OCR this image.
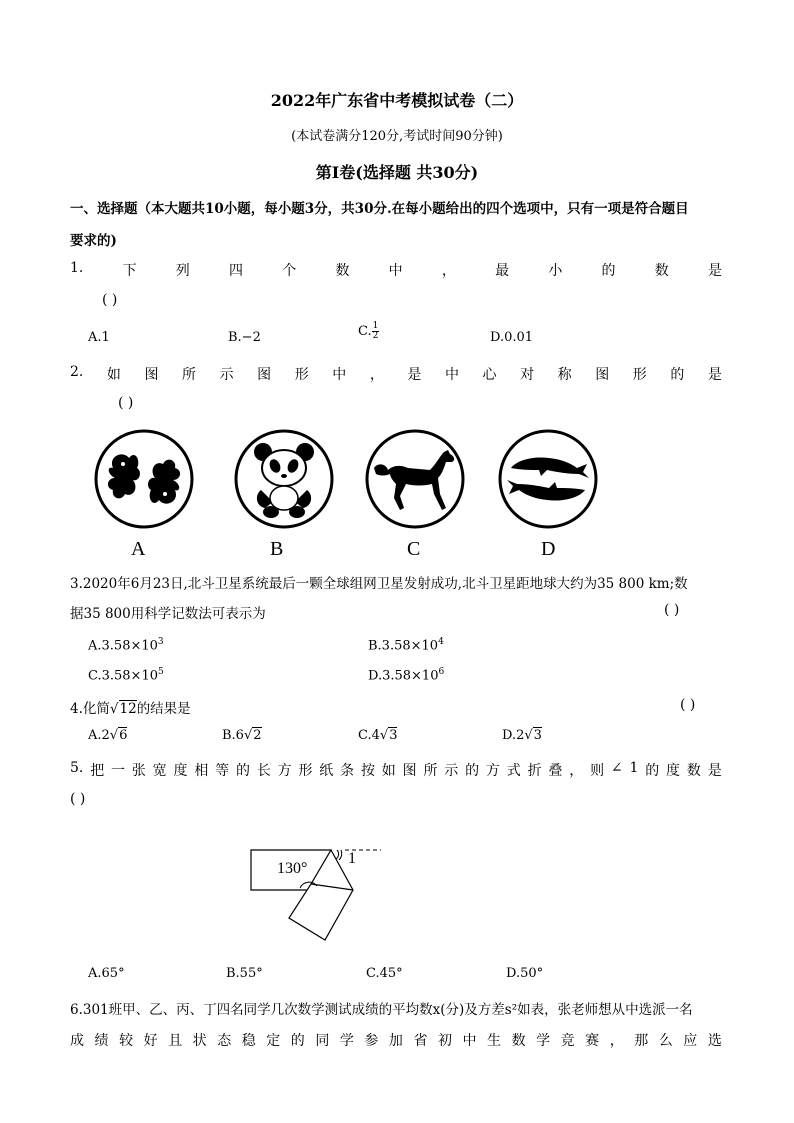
2022年广东省中考模拟试卷（二）
(本试卷满分120分,考试时间90分钟)
第Ⅰ卷(选择题 共30分)
一、选择题（本大题共10小题，每小题3分，共30分.在每小题给出的四个选项中，只有一项是符合题目
要求的)
1.	下	列	四	个	数	中	，	最	小	的	数	是
( )
A.1	B.−2	C. $\frac{1}{2}$	D.0.01
2. 如 图 所 示 图 形 中 ， 是 中 心 对 称 图 形 的 是
( )
A	B	C	D
3.2020年6月23日,北斗卫星系统最后一颗全球组网卫星发射成功,北斗卫星距地球大约为35 800 km;数
据35 800用科学记数法可表示为	( )
$A.3.58\times 10^3$	$B.3.58\times 10^4$
$C.3.58\times 10^5$	$D.3.58\times 10^6$
4.化简√12的结果是	( )
A.2√6	B.6√2	C.4√3	D.2√3
5. 把 一 张 宽 度 相 等 的 长 方 形 纸 条 按 如 图 所 示 的 方 式 折 叠 ， 则 ∠ 1 的 度 数 是
( )
130°
1
A.65°	B.55°	C.45°	D.50°
6.301班甲、乙、丙、丁四名同学几次数学测试成绩的平均数x(分)及方差s²如表，张老师想从中选派一名
成 绩 较 好 且 状 态 稳 定 的 同 学 参 加 省 初 中 生 数 学 竞 赛 ， 那 么 应 选
